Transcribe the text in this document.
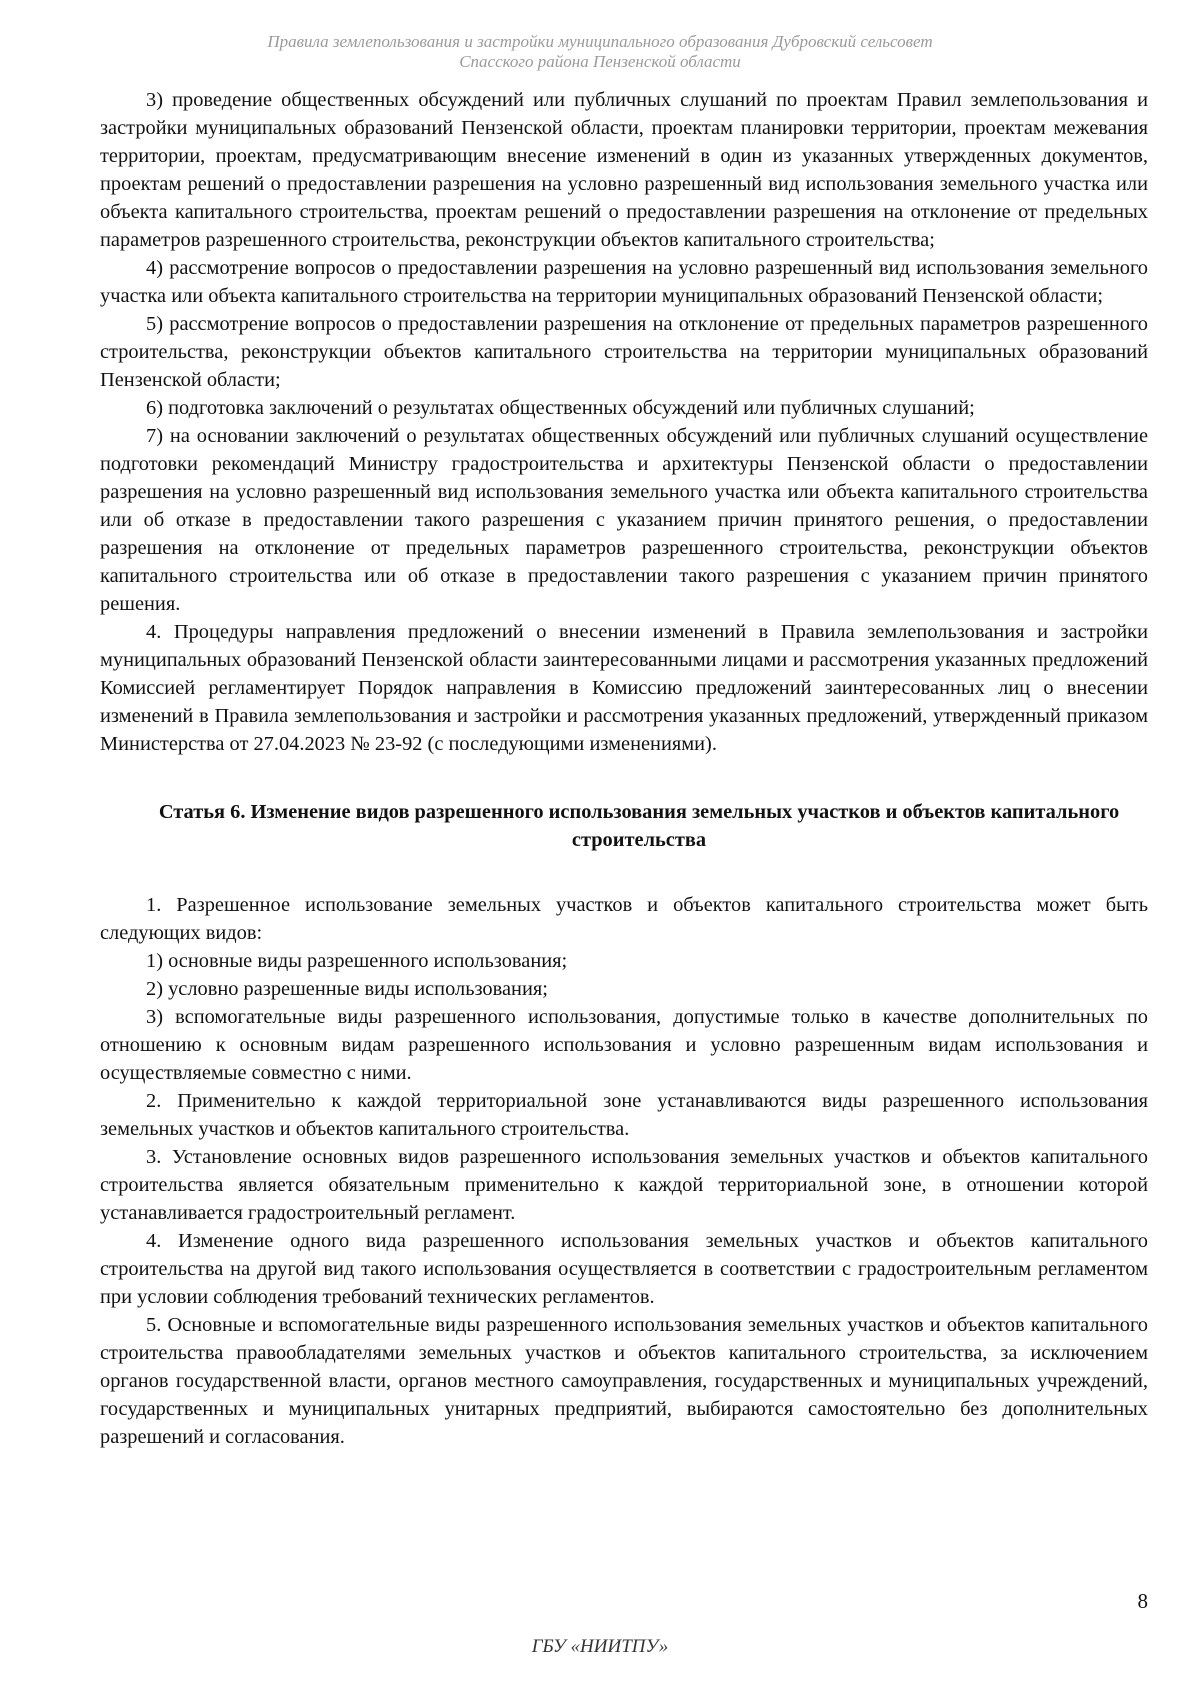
Правила землепользования и застройки муниципального образования Дубровский сельсовет
Спасского района Пензенской области

3) проведение общественных обсуждений или публичных слушаний по проектам Правил землепользования и застройки муниципальных образований Пензенской области, проектам планировки территории, проектам межевания территории, проектам, предусматривающим внесение изменений в один из указанных утвержденных документов, проектам решений о предоставлении разрешения на условно разрешенный вид использования земельного участка или объекта капитального строительства, проектам решений о предоставлении разрешения на отклонение от предельных параметров разрешенного строительства, реконструкции объектов капитального строительства;

4) рассмотрение вопросов о предоставлении разрешения на условно разрешенный вид использования земельного участка или объекта капитального строительства на территории муниципальных образований Пензенской области;

5) рассмотрение вопросов о предоставлении разрешения на отклонение от предельных параметров разрешенного строительства, реконструкции объектов капитального строительства на территории муниципальных образований Пензенской области;

6) подготовка заключений о результатах общественных обсуждений или публичных слушаний;

7) на основании заключений о результатах общественных обсуждений или публичных слушаний осуществление подготовки рекомендаций Министру градостроительства и архитектуры Пензенской области о предоставлении разрешения на условно разрешенный вид использования земельного участка или объекта капитального строительства или об отказе в предоставлении такого разрешения с указанием причин принятого решения, о предоставлении разрешения на отклонение от предельных параметров разрешенного строительства, реконструкции объектов капитального строительства или об отказе в предоставлении такого разрешения с указанием причин принятого решения.

4. Процедуры направления предложений о внесении изменений в Правила землепользования и застройки муниципальных образований Пензенской области заинтересованными лицами и рассмотрения указанных предложений Комиссией регламентирует Порядок направления в Комиссию предложений заинтересованных лиц о внесении изменений в Правила землепользования и застройки и рассмотрения указанных предложений, утвержденный приказом Министерства от 27.04.2023 № 23-92 (с последующими изменениями).

Статья 6. Изменение видов разрешенного использования земельных участков и объектов капитального строительства

1. Разрешенное использование земельных участков и объектов капитального строительства может быть следующих видов:

1) основные виды разрешенного использования;

2) условно разрешенные виды использования;

3) вспомогательные виды разрешенного использования, допустимые только в качестве дополнительных по отношению к основным видам разрешенного использования и условно разрешенным видам использования и осуществляемые совместно с ними.

2. Применительно к каждой территориальной зоне устанавливаются виды разрешенного использования земельных участков и объектов капитального строительства.

3. Установление основных видов разрешенного использования земельных участков и объектов капитального строительства является обязательным применительно к каждой территориальной зоне, в отношении которой устанавливается градостроительный регламент.

4. Изменение одного вида разрешенного использования земельных участков и объектов капитального строительства на другой вид такого использования осуществляется в соответствии с градостроительным регламентом при условии соблюдения требований технических регламентов.

5. Основные и вспомогательные виды разрешенного использования земельных участков и объектов капитального строительства правообладателями земельных участков и объектов капитального строительства, за исключением органов государственной власти, органов местного самоуправления, государственных и муниципальных учреждений, государственных и муниципальных унитарных предприятий, выбираются самостоятельно без дополнительных разрешений и согласования.

8
ГБУ «НИИТПУ»
